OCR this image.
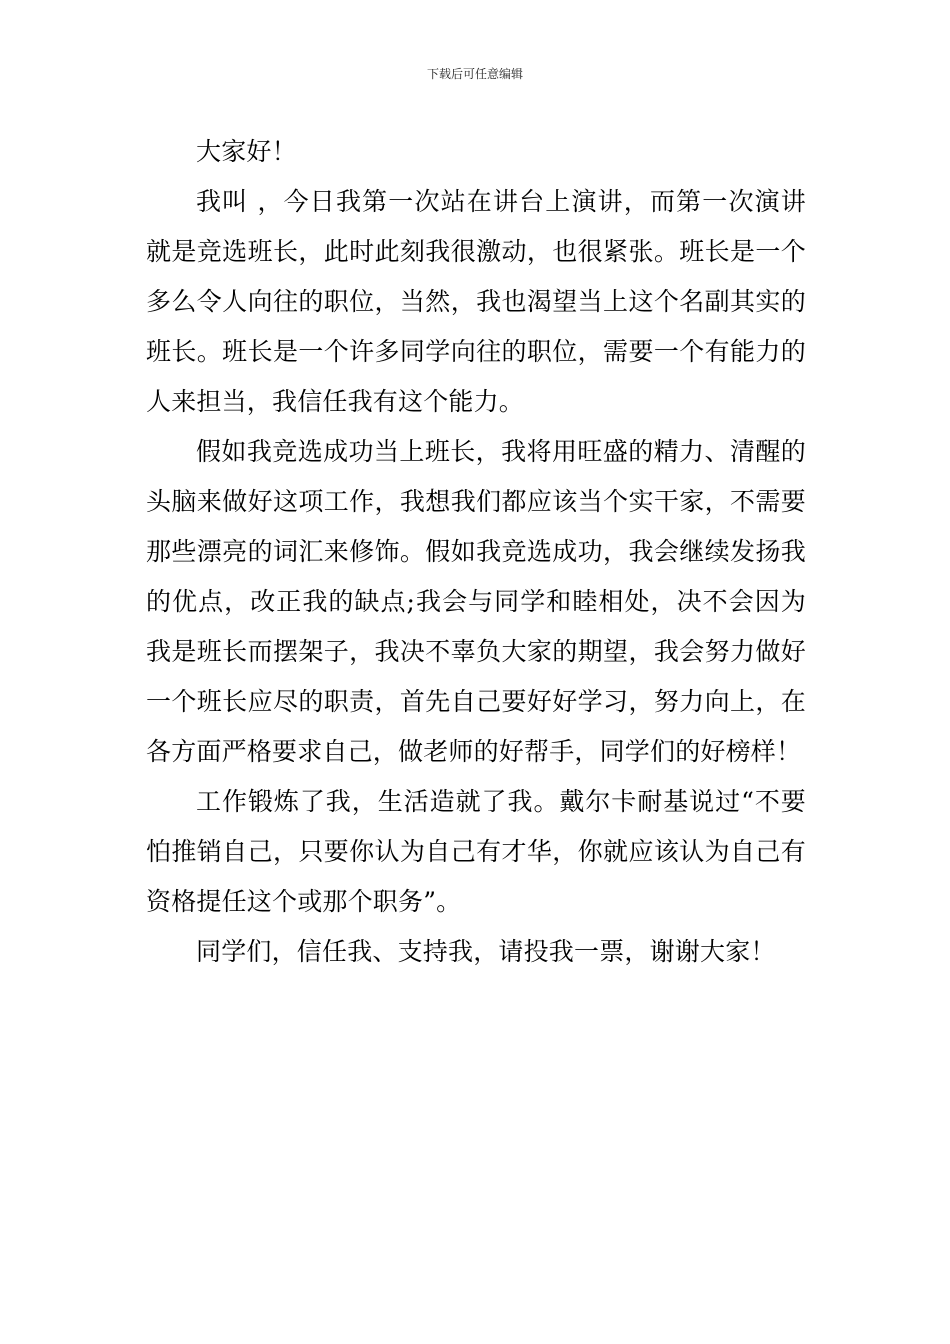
下载后可任意编辑

大家好！

我叫 ，今日我第一次站在讲台上演讲，而第一次演讲就是竞选班长，此时此刻我很激动，也很紧张。班长是一个多么令人向往的职位，当然，我也渴望当上这个名副其实的班长。班长是一个许多同学向往的职位，需要一个有能力的人来担当，我信任我有这个能力。

假如我竞选成功当上班长，我将用旺盛的精力、清醒的头脑来做好这项工作，我想我们都应该当个实干家，不需要那些漂亮的词汇来修饰。假如我竞选成功，我会继续发扬我的优点，改正我的缺点;我会与同学和睦相处，决不会因为我是班长而摆架子，我决不辜负大家的期望，我会努力做好一个班长应尽的职责，首先自己要好好学习，努力向上，在各方面严格要求自己，做老师的好帮手，同学们的好榜样！

工作锻炼了我，生活造就了我。戴尔卡耐基说过“不要怕推销自己，只要你认为自己有才华，你就应该认为自己有资格提任这个或那个职务”。

同学们，信任我、支持我，请投我一票，谢谢大家！
